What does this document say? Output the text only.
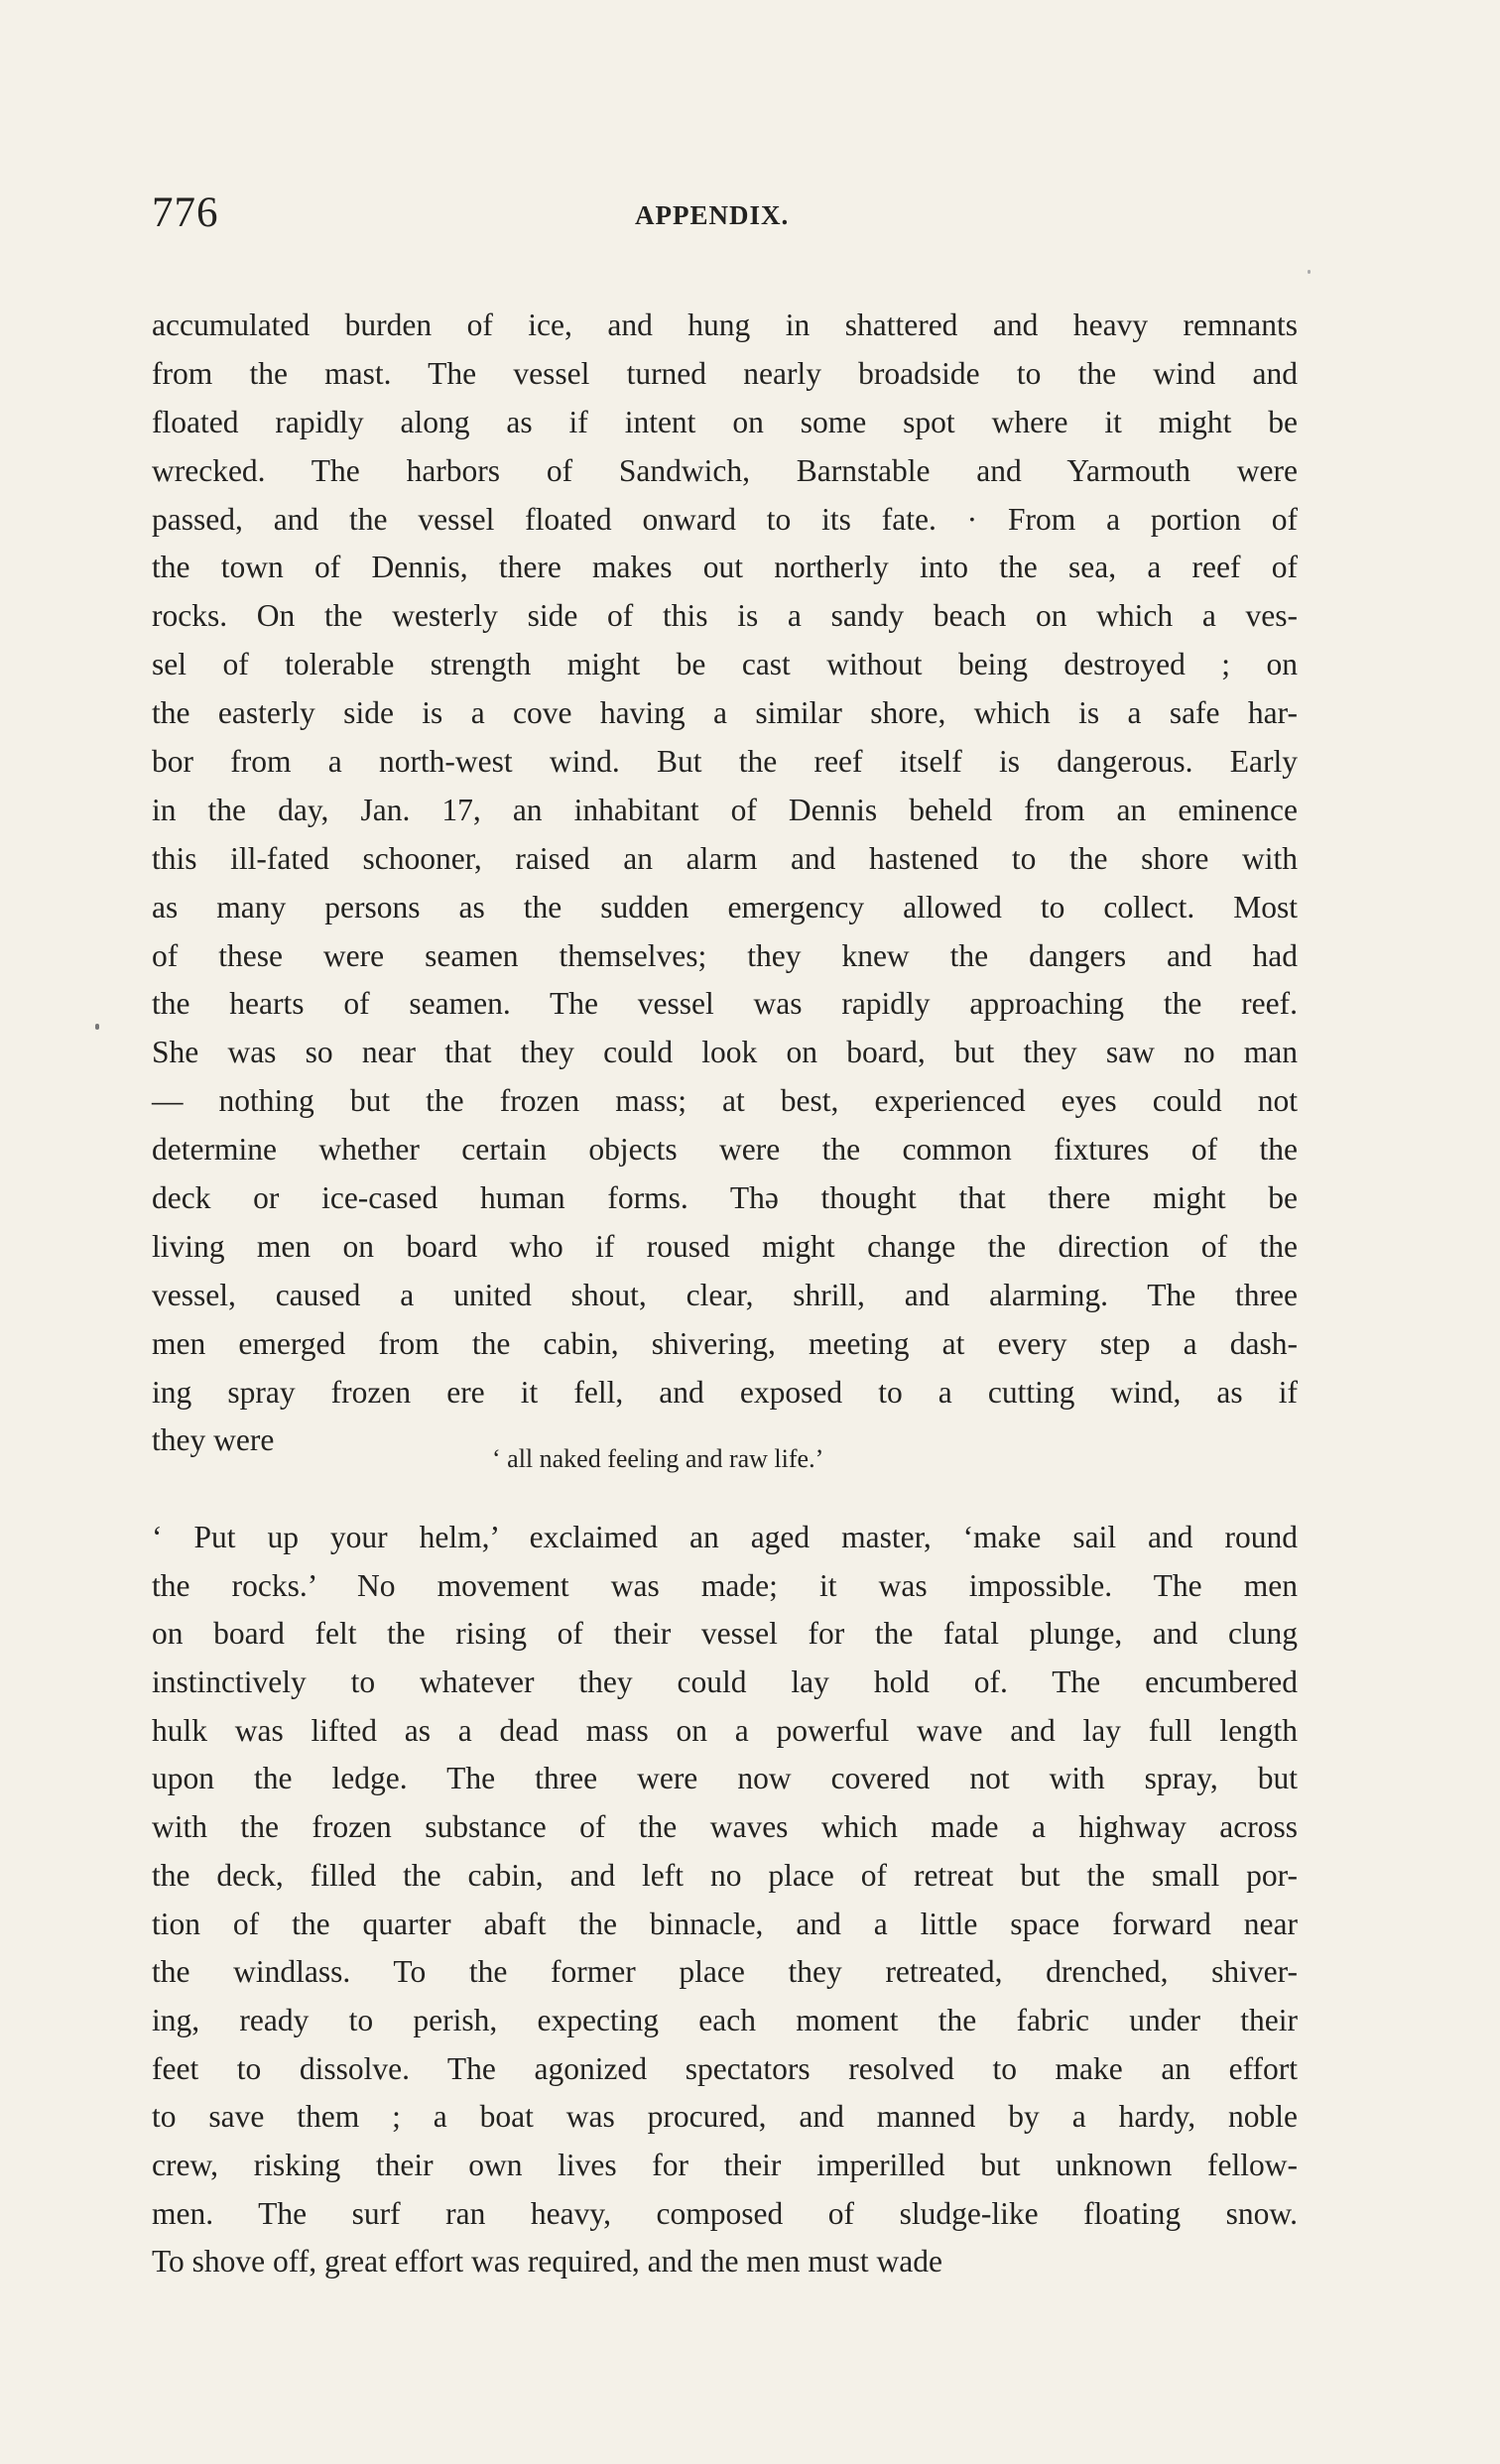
776	APPENDIX.
accumulated burden of ice, and hung in shattered and heavy remnants
from the mast. The vessel turned nearly broadside to the wind and
floated rapidly along as if intent on some spot where it might be
wrecked. The harbors of Sandwich, Barnstable and Yarmouth were
passed, and the vessel floated onward to its fate. · From a portion of
the town of Dennis, there makes out northerly into the sea, a reef of
rocks. On the westerly side of this is a sandy beach on which a ves-
sel of tolerable strength might be cast without being destroyed ; on
the easterly side is a cove having a similar shore, which is a safe har-
bor from a north-west wind. But the reef itself is dangerous. Early
in the day, Jan. 17, an inhabitant of Dennis beheld from an eminence
this ill-fated schooner, raised an alarm and hastened to the shore with
as many persons as the sudden emergency allowed to collect. Most
of these were seamen themselves; they knew the dangers and had
the hearts of seamen. The vessel was rapidly approaching the reef.
She was so near that they could look on board, but they saw no man
— nothing but the frozen mass; at best, experienced eyes could not
determine whether certain objects were the common fixtures of the
deck or ice-cased human forms. Thə thought that there might be
living men on board who if roused might change the direction of the
vessel, caused a united shout, clear, shrill, and alarming. The three
men emerged from the cabin, shivering, meeting at every step a dash-
ing spray frozen ere it fell, and exposed to a cutting wind, as if
they were
‘ all naked feeling and raw life.’
‘ Put up your helm,’ exclaimed an aged master, ‘make sail and round
the rocks.’ No movement was made; it was impossible. The men
on board felt the rising of their vessel for the fatal plunge, and clung
instinctively to whatever they could lay hold of. The encumbered
hulk was lifted as a dead mass on a powerful wave and lay full length
upon the ledge. The three were now covered not with spray, but
with the frozen substance of the waves which made a highway across
the deck, filled the cabin, and left no place of retreat but the small por-
tion of the quarter abaft the binnacle, and a little space forward near
the windlass. To the former place they retreated, drenched, shiver-
ing, ready to perish, expecting each moment the fabric under their
feet to dissolve. The agonized spectators resolved to make an effort
to save them ; a boat was procured, and manned by a hardy, noble
crew, risking their own lives for their imperilled but unknown fellow-
men. The surf ran heavy, composed of sludge-like floating snow.
To shove off, great effort was required, and the men must wade
